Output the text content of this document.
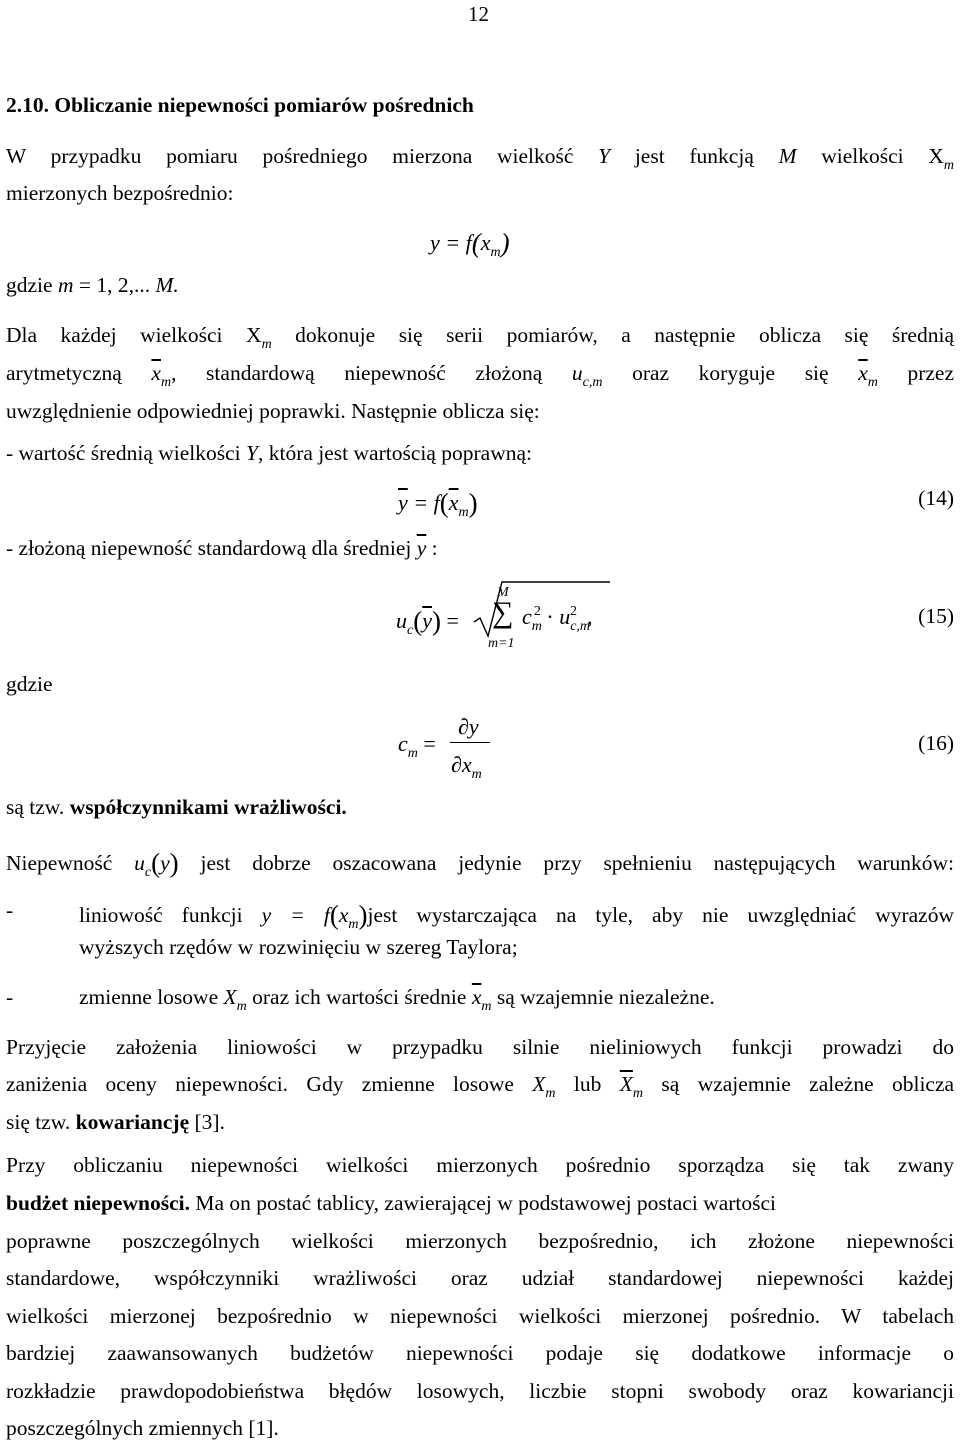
12
2.10. Obliczanie niepewności pomiarów pośrednich
W przypadku pomiaru pośredniego mierzona wielkość Y jest funkcją M wielkości $X_m$
mierzonych bezpośrednio:
$y = f(x_m)$
gdzie m = 1, 2,... M.
Dla każdej wielkości $X_m$ dokonuje się serii pomiarów, a następnie oblicza się średnią
arytmetyczną $\overline{x}_m$, standardową niepewność złożoną $u_{c,m}$ oraz koryguje się $\overline{x}_m$ przez
uwzględnienie odpowiedniej poprawki. Następnie oblicza się:
- wartość średnią wielkości Y, która jest wartością poprawną:
$\overline{y} = f(\overline{x}_m)$	(14)
- złożoną niepewność standardową dla średniej $\overline{y}$ :
$u_c(\overline{y})$ =
M
∑
m=1
$c_m^2 \cdot u_{c,m}^2$ ,	(15)
gdzie
$c_m$ =
∂y
$\partial x_m$
(16)
są tzw. współczynnikami wrażliwości.
Niepewność $u_c(y)$ jest dobrze oszacowana jedynie przy spełnieniu następujących warunków:
-	liniowość funkcji $y = f(x_m)jest$ wystarczająca na tyle, aby nie uwzględniać wyrazów
wyższych rzędów w rozwinięciu w szereg Taylora;
-	zmienne losowe $X_m$ oraz ich wartości średnie $\overline{x}_m$ są wzajemnie niezależne.
Przyjęcie założenia liniowości w przypadku silnie nieliniowych funkcji prowadzi do
zaniżenia oceny niepewności. Gdy zmienne losowe $X_m$ lub $\overline{X}_m$ są wzajemnie zależne oblicza
się tzw. kowariancję [3].
Przy obliczaniu niepewności wielkości mierzonych pośrednio sporządza się tak zwany
budżet niepewności. Ma on postać tablicy, zawierającej w podstawowej postaci wartości
poprawne poszczególnych wielkości mierzonych bezpośrednio, ich złożone niepewności
standardowe, współczynniki wrażliwości oraz udział standardowej niepewności każdej
wielkości mierzonej bezpośrednio w niepewności wielkości mierzonej pośrednio. W tabelach
bardziej zaawansowanych budżetów niepewności podaje się dodatkowe informacje o
rozkładzie prawdopodobieństwa błędów losowych, liczbie stopni swobody oraz kowariancji
poszczególnych zmiennych [1].
